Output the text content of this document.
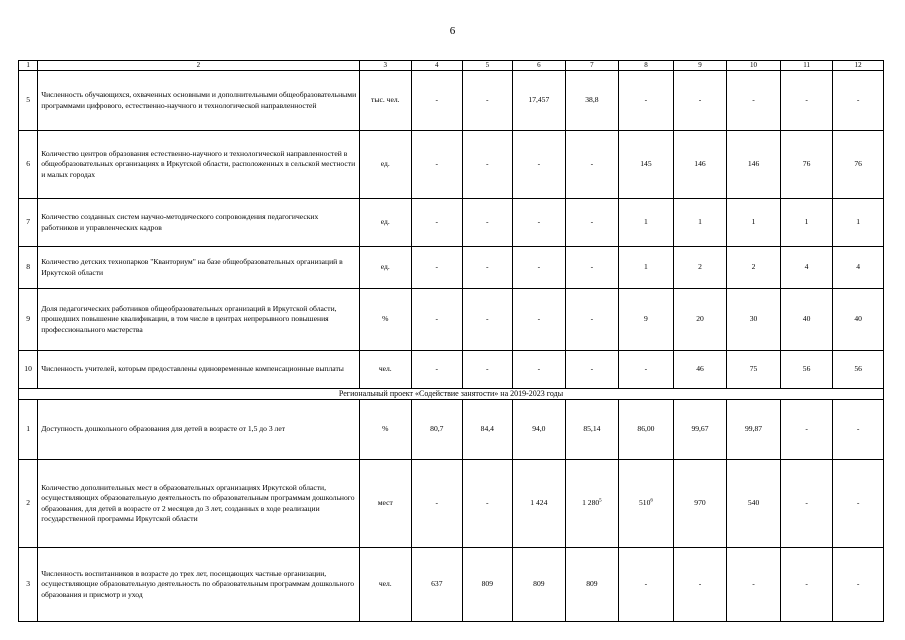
6
1	2	3	4	5	6	7	8	9	10	11	12
5	Численность обучающихся, охваченных основными и дополнительными общеобразовательными программами цифрового, естественно-научного и технологической направленностей	тыс. чел.	-	-	17,457	38,8	-	-	-	-	-
6	Количество центров образования естественно-научного и технологической направленностей в общеобразовательных организациях в Иркутской области, расположенных в сельской местности и малых городах	ед.	-	-	-	-	145	146	146	76	76
7	Количество созданных систем научно-методического сопровождения педагогических работников и управленческих кадров	ед.	-	-	-	-	1	1	1	1	1
8	Количество детских технопарков "Кванториум" на базе общеобразовательных организаций в Иркутской области	ед.	-	-	-	-	1	2	2	4	4
9	Доля педагогических работников общеобразовательных организаций в Иркутской области, прошедших повышение квалификации, в том числе в центрах непрерывного повышения профессионального мастерства	%	-	-	-	-	9	20	30	40	40
10	Численность учителей, которым предоставлены единовременные компенсационные выплаты	чел.	-	-	-	-	-	46	75	56	56
Региональный проект «Содействие занятости» на 2019-2023 годы											
1	Доступность дошкольного образования для детей в возрасте от 1,5 до 3 лет	%	80,7	84,4	94,0	85,14	86,00	99,67	99,87	-	-
2	Количество дополнительных мест в образовательных организациях Иркутской области, осуществляющих образовательную деятельность по образовательным программам дошкольного образования, для детей в возрасте от 2 месяцев до 3 лет, созданных в ходе реализации государственной программы Иркутской области	мест	-	-	1 424	1 $280^5$	$510^6$	970	540	-	-
3	Численность воспитанников в возрасте до трех лет, посещающих частные организации, осуществляющие образовательную деятельность по образовательным программам дошкольного образования и присмотр и уход	чел.	637	809	809	809	-	-	-	-	-
